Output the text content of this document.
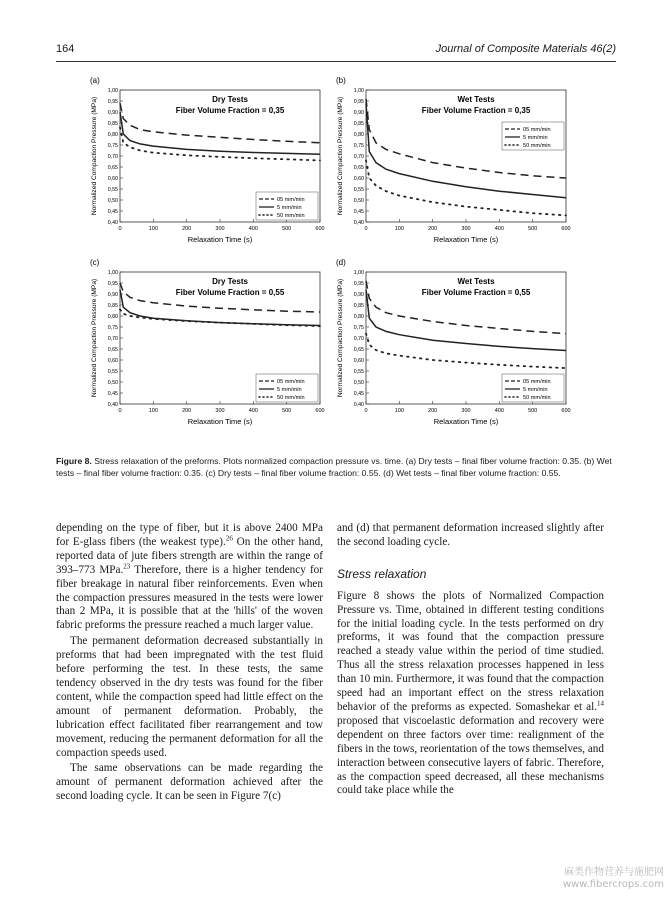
164	Journal of Composite Materials 46(2)
(a)
0,40
0,45
0,50
0,55
0,60
0,65
0,70
0,75
0,80
0,85
0,90
0,95
1,00
0	100	200	300	400	500	600
Relaxation Time (s)
Normalized Compaction Pressure (MPa)	Dry Tests
Fiber Volume Fraction = 0,35
05 mm/min
5 mm/min
50 mm/min
(b)
0,40
0,45
0,50
0,55
0,60
0,65
0,70
0,75
0,80
0,85
0,90
0,95
1,00
0	100	200	300	400	500	600
Relaxation Time (s)
Normalized Compaction Pressure (MPa)	Wet Tests
Fiber Volume Fraction = 0,35
05 mm/min
5 mm/min
50 mm/min
(c)
0,40
0,45
0,50
0,55
0,60
0,65
0,70
0,75
0,80
0,85
0,90
0,95
1,00
0	100	200	300	400	500	600
Relaxation Time (s)
Normalized Compaction Pressure (MPa)	Dry Tests
Fiber Volume Fraction = 0,55
05 mm/min
5 mm/min
50 mm/min
(d)
0,40
0,45
0,50
0,55
0,60
0,65
0,70
0,75
0,80
0,85
0,90
0,95
1,00
0	100	200	300	400	500	600
Relaxation Time (s)
Normalized Compaction Pressure (MPa)	Wet Tests
Fiber Volume Fraction = 0,55
05 mm/min
5 mm/min
50 mm/min
Figure 8. Stress relaxation of the preforms. Plots normalized compaction pressure vs. time. (a) Dry tests – final fiber volume fraction: 0.35. (b) Wet tests – final fiber volume fraction: 0.35. (c) Dry tests – final fiber volume fraction: 0.55. (d) Wet tests – final fiber volume fraction: 0.55.

depending on the type of fiber, but it is above 2400 MPa for E-glass fibers (the weakest type).$^{26}$ On the other hand, reported data of jute fibers strength are within the range of 393–773 MPa.$^{23}$ Therefore, there is a higher tendency for fiber breakage in natural fiber reinforcements. Even when the compaction pressures measured in the tests were lower than 2 MPa, it is possible that at the 'hills' of the woven fabric preforms the pressure reached a much larger value.

The permanent deformation decreased substantially in preforms that had been impregnated with the test fluid before performing the test. In these tests, the same tendency observed in the dry tests was found for the fiber content, while the compaction speed had little effect on the amount of permanent deformation. Probably, the lubrication effect facilitated fiber rearrangement and tow movement, reducing the permanent deformation for all the compaction speeds used.

The same observations can be made regarding the amount of permanent deformation achieved after the second loading cycle. It can be seen in Figure 7(c)

and (d) that permanent deformation increased slightly after the second loading cycle.

Stress relaxation

Figure 8 shows the plots of Normalized Compaction Pressure vs. Time, obtained in different testing conditions for the initial loading cycle. In the tests performed on dry preforms, it was found that the compaction pressure reached a steady value within the period of time studied. Thus all the stress relaxation processes happened in less than 10 min. Furthermore, it was found that the compaction speed had an important effect on the stress relaxation behavior of the preforms as expected. Somashekar et al.$^{14}$ proposed that viscoelastic deformation and recovery were dependent on three factors over time: realignment of the fibers in the tows, reorientation of the tows themselves, and interaction between consecutive layers of fabric. Therefore, as the compaction speed decreased, all these mechanisms could take place while the

麻类作物营养与施肥网
www.fibercrops.com
